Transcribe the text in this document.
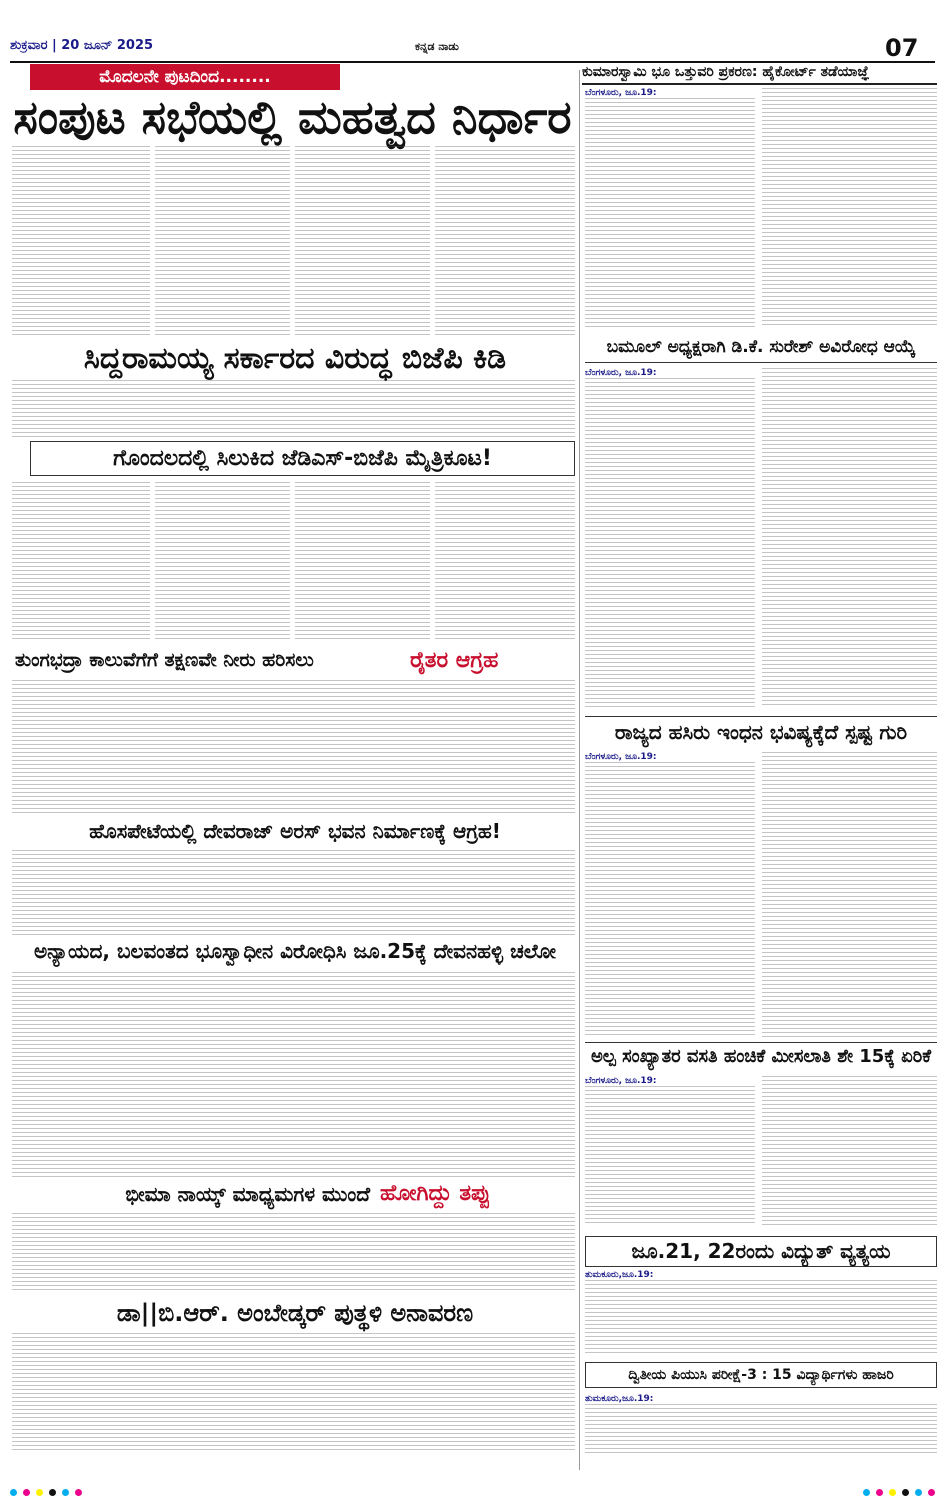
ಶುಕ್ರವಾರ | 20 ಜೂನ್ 2025	ಕನ್ನಡ ನಾಡು	07
ಮೊದಲನೇ ಪುಟದಿಂದ........
ಸಂಪುಟ ಸಭೆಯಲ್ಲಿ ಮಹತ್ವದ ನಿರ್ಧಾರ
ಸಿದ್ದರಾಮಯ್ಯ ಸರ್ಕಾರದ ವಿರುದ್ಧ ಬಿಜೆಪಿ ಕಿಡಿ
ಗೊಂದಲದಲ್ಲಿ ಸಿಲುಕಿದ ಜೆಡಿಎಸ್-ಬಿಜೆಪಿ ಮೈತ್ರಿಕೂಟ!
ತುಂಗಭದ್ರಾ ಕಾಲುವೆಗೆಗೆ ತಕ್ಷಣವೇ ನೀರು ಹರಿಸಲು	ರೈತರ ಆಗ್ರಹ
ಹೊಸಪೇಟೆಯಲ್ಲಿ ದೇವರಾಜ್ ಅರಸ್ ಭವನ ನಿರ್ಮಾಣಕ್ಕೆ ಆಗ್ರಹ!
ಅನ್ಯಾಯದ, ಬಲವಂತದ ಭೂಸ್ವಾಧೀನ ವಿರೋಧಿಸಿ ಜೂ.25ಕ್ಕೆ ದೇವನಹಳ್ಳಿ ಚಲೋ
ಭೀಮಾ ನಾಯ್ಕ್ ಮಾಧ್ಯಮಗಳ ಮುಂದೆ ಹೋಗಿದ್ದು ತಪ್ಪು
ಡಾ||ಬಿ.ಆರ್. ಅಂಬೇಡ್ಕರ್ ಪುತ್ಥಳಿ ಅನಾವರಣ
ಕುಮಾರಸ್ವಾಮಿ ಭೂ ಒತ್ತುವರಿ ಪ್ರಕರಣ: ಹೈಕೋರ್ಟ್ ತಡೆಯಾಜ್ಞೆ
ಬೆಂಗಳೂರು, ಜೂ.19:
ಬಮೂಲ್ ಅಧ್ಯಕ್ಷರಾಗಿ ಡಿ.ಕೆ. ಸುರೇಶ್ ಅವಿರೋಧ ಆಯ್ಕೆ
ಬೆಂಗಳೂರು, ಜೂ.19:
ರಾಜ್ಯದ ಹಸಿರು ಇಂಧನ ಭವಿಷ್ಯಕ್ಕೆದೆ ಸ್ಪಷ್ಟ ಗುರಿ
ಬೆಂಗಳೂರು, ಜೂ.19:
ಅಲ್ಪ ಸಂಖ್ಯಾತರ ವಸತಿ ಹಂಚಿಕೆ ಮೀಸಲಾತಿ ಶೇ 15ಕ್ಕೆ ಏರಿಕೆ
ಬೆಂಗಳೂರು, ಜೂ.19:
ಜೂ.21, 22ರಂದು ವಿದ್ಯುತ್ ವ್ಯತ್ಯಯ
ತುಮಕೂರು,ಜೂ.19:
ದ್ವಿತೀಯ ಪಿಯುಸಿ ಪರೀಕ್ಷೆ-3 : 15 ವಿದ್ಯಾರ್ಥಿಗಳು ಹಾಜರಿ
ತುಮಕೂರು,ಜೂ.19:
